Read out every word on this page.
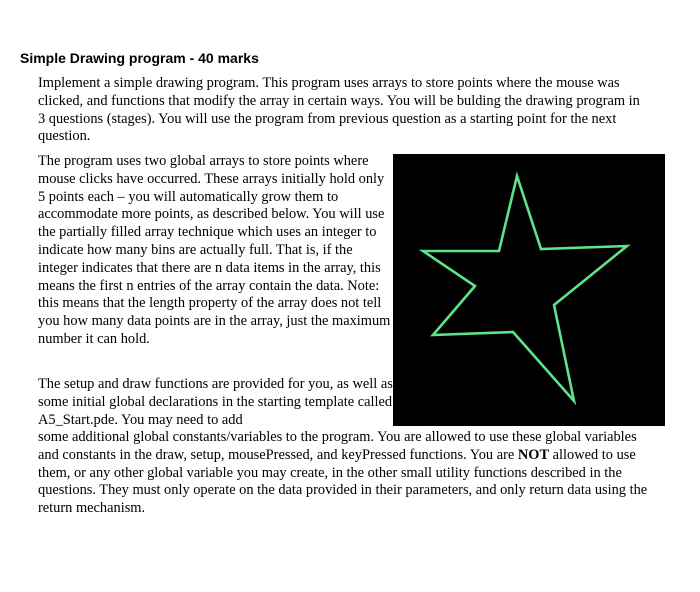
Simple Drawing program - 40 marks
Implement a simple drawing program. This program uses arrays to store points where the mouse was clicked, and functions that modify the array in certain ways. You will be bulding the drawing program in 3 questions (stages). You will use the program from previous question as a starting point for the next question.
The program uses two global arrays to store points where mouse clicks have occurred. These arrays initially hold only 5 points each – you will automatically grow them to accommodate more points, as described below. You will use the partially filled array technique which uses an integer to indicate how many bins are actually full. That is, if the integer indicates that there are n data items in the array, this means the first n entries of the array contain the data. Note: this means that the length property of the array does not tell you how many data points are in the array, just the maximum number it can hold.
The setup and draw functions are provided for you, as well as some initial global declarations in the starting template called A5_Start.pde. You may need to add
some additional global constants/variables to the program. You are allowed to use these global variables and constants in the draw, setup, mousePressed, and keyPressed functions. You are NOT allowed to use them, or any other global variable you may create, in the other small utility functions described in the questions. They must only operate on the data provided in their parameters, and only return data using the return mechanism.
